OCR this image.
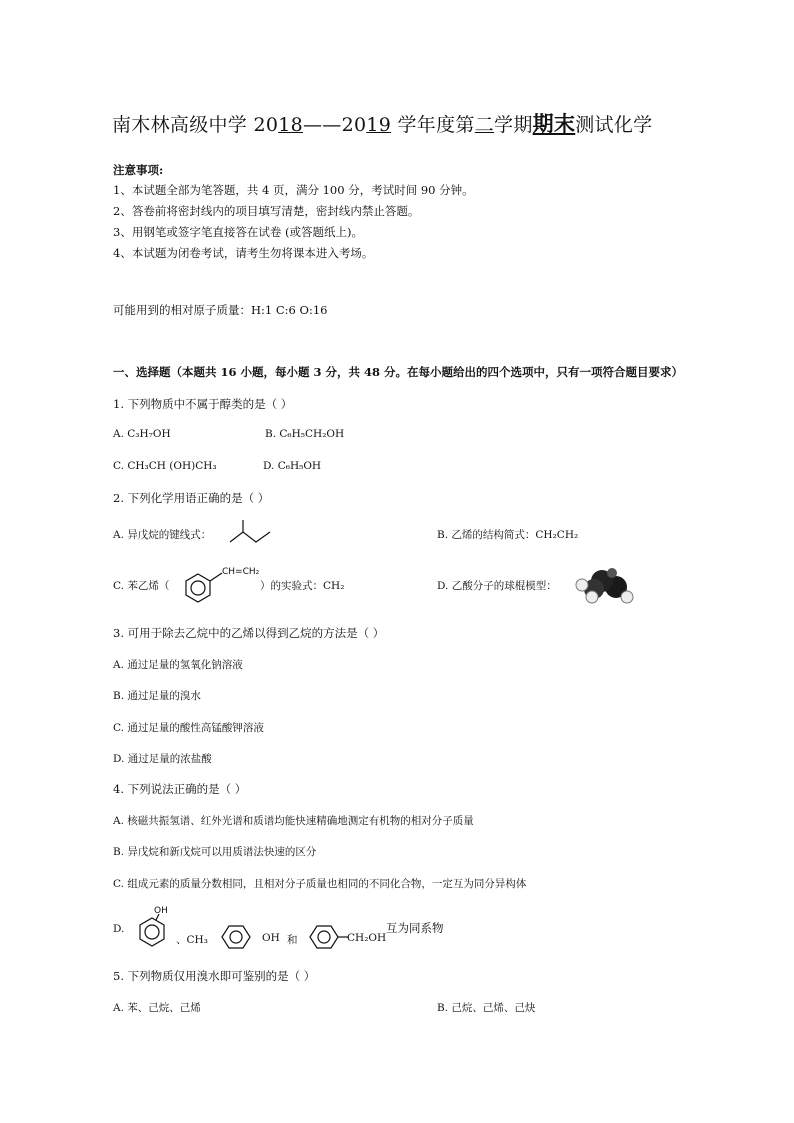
南木林高级中学 2018——2019 学年度第二学期期末测试化学
注意事项:
1、本试题全部为笔答题，共 4 页，满分 100 分，考试时间 90 分钟。
2、答卷前将密封线内的项目填写清楚，密封线内禁止答题。
3、用钢笔或签字笔直接答在试卷 (或答题纸上)。
4、本试题为闭卷考试，请考生勿将课本进入考场。
可能用到的相对原子质量：H:1 C:6 O:16
一、选择题（本题共 16 小题，每小题 3 分，共 48 分。在每小题给出的四个选项中，只有一项符合题目要求）
1. 下列物质中不属于醇类的是（ ）
A. C₃H₇OH	B. C₆H₅CH₂OH
C. CH₃CH (OH)CH₃	D. C₆H₅OH
2. 下列化学用语正确的是（ ）
A. 异戊烷的键线式：	B. 乙烯的结构简式：CH₂CH₂
C. 苯乙烯（
CH=CH₂
）的实验式：CH₂	D. 乙酸分子的球棍模型：
3. 可用于除去乙烷中的乙烯以得到乙烷的方法是（ ）
A. 通过足量的氢氧化钠溶液
B. 通过足量的溴水
C. 通过足量的酸性高锰酸钾溶液
D. 通过足量的浓盐酸
4. 下列说法正确的是（ ）
A. 核磁共振氢谱、红外光谱和质谱均能快速精确地测定有机物的相对分子质量
B. 异戊烷和新戊烷可以用质谱法快速的区分
C. 组成元素的质量分数相同，且相对分子质量也相同的不同化合物，一定互为同分异构体
D.
OH
、CH₃	OH 和	CH₂OH
互为同系物
5. 下列物质仅用溴水即可鉴别的是（ ）
A. 苯、己烷、己烯	B. 己烷、己烯、己炔
